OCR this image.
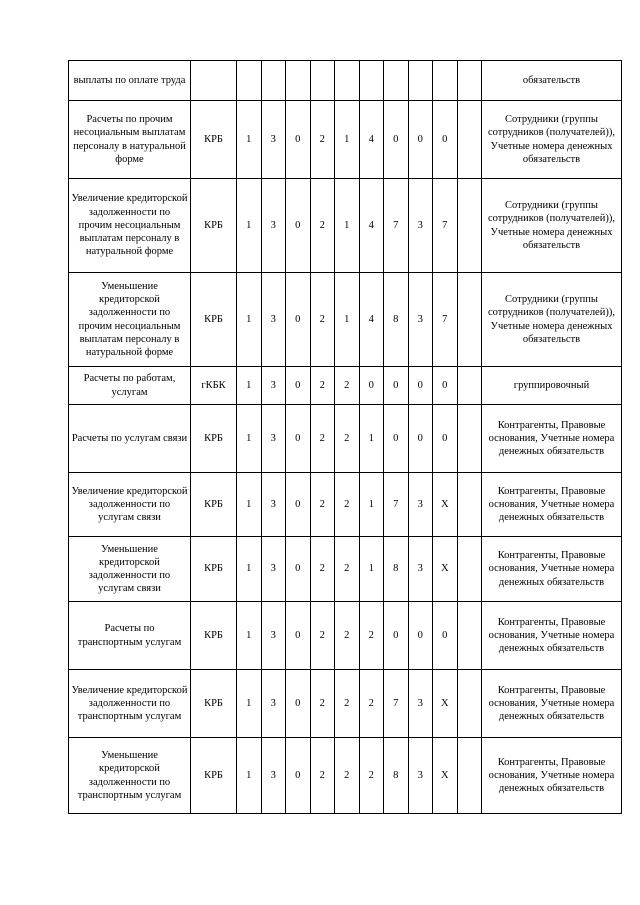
выплаты по оплате труда												обязательств
Расчеты по прочим несоциальным выплатам персоналу в натуральной форме	КРБ	1	3	0	2	1	4	0	0	0		Сотрудники (группы сотрудников (получателей)), Учетные номера денежных обязательств
Увеличение кредиторской задолженности по прочим несоциальным выплатам персоналу в натуральной форме	КРБ	1	3	0	2	1	4	7	3	7		Сотрудники (группы сотрудников (получателей)), Учетные номера денежных обязательств
Уменьшение кредиторской задолженности по прочим несоциальным выплатам персоналу в натуральной форме	КРБ	1	3	0	2	1	4	8	3	7		Сотрудники (группы сотрудников (получателей)), Учетные номера денежных обязательств
Расчеты по работам, услугам	гКБК	1	3	0	2	2	0	0	0	0		группировочный
Расчеты по услугам связи	КРБ	1	3	0	2	2	1	0	0	0		Контрагенты, Правовые основания, Учетные номера денежных обязательств
Увеличение кредиторской задолженности по услугам связи	КРБ	1	3	0	2	2	1	7	3	Х		Контрагенты, Правовые основания, Учетные номера денежных обязательств
Уменьшение кредиторской задолженности по услугам связи	КРБ	1	3	0	2	2	1	8	3	Х		Контрагенты, Правовые основания, Учетные номера денежных обязательств
Расчеты по транспортным услугам	КРБ	1	3	0	2	2	2	0	0	0		Контрагенты, Правовые основания, Учетные номера денежных обязательств
Увеличение кредиторской задолженности по транспортным услугам	КРБ	1	3	0	2	2	2	7	3	Х		Контрагенты, Правовые основания, Учетные номера денежных обязательств
Уменьшение кредиторской задолженности по транспортным услугам	КРБ	1	3	0	2	2	2	8	3	Х		Контрагенты, Правовые основания, Учетные номера денежных обязательств
